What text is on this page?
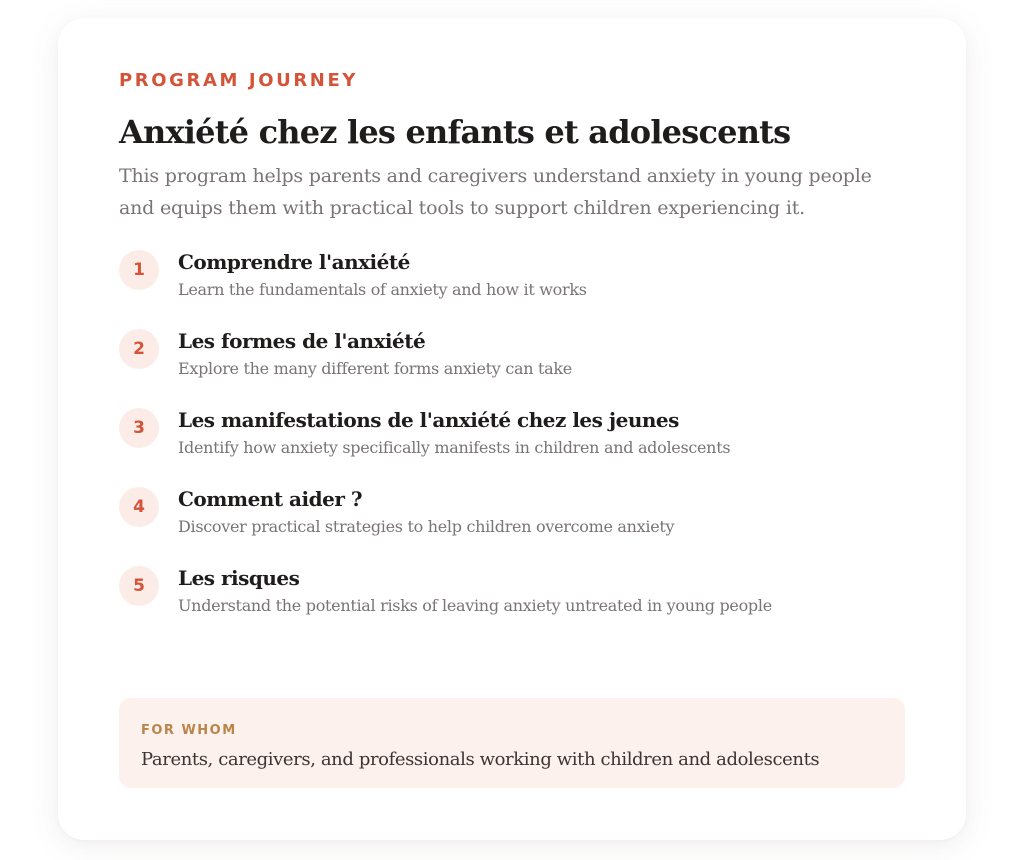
PROGRAM JOURNEY
Anxiété chez les enfants et adolescents
This program helps parents and caregivers understand anxiety in young people and equips them with practical tools to support children experiencing it.
1	Comprendre l'anxiété
Learn the fundamentals of anxiety and how it works
2	Les formes de l'anxiété
Explore the many different forms anxiety can take
3	Les manifestations de l'anxiété chez les jeunes
Identify how anxiety specifically manifests in children and adolescents
4	Comment aider ?
Discover practical strategies to help children overcome anxiety
5	Les risques
Understand the potential risks of leaving anxiety untreated in young people
FOR WHOM
Parents, caregivers, and professionals working with children and adolescents
